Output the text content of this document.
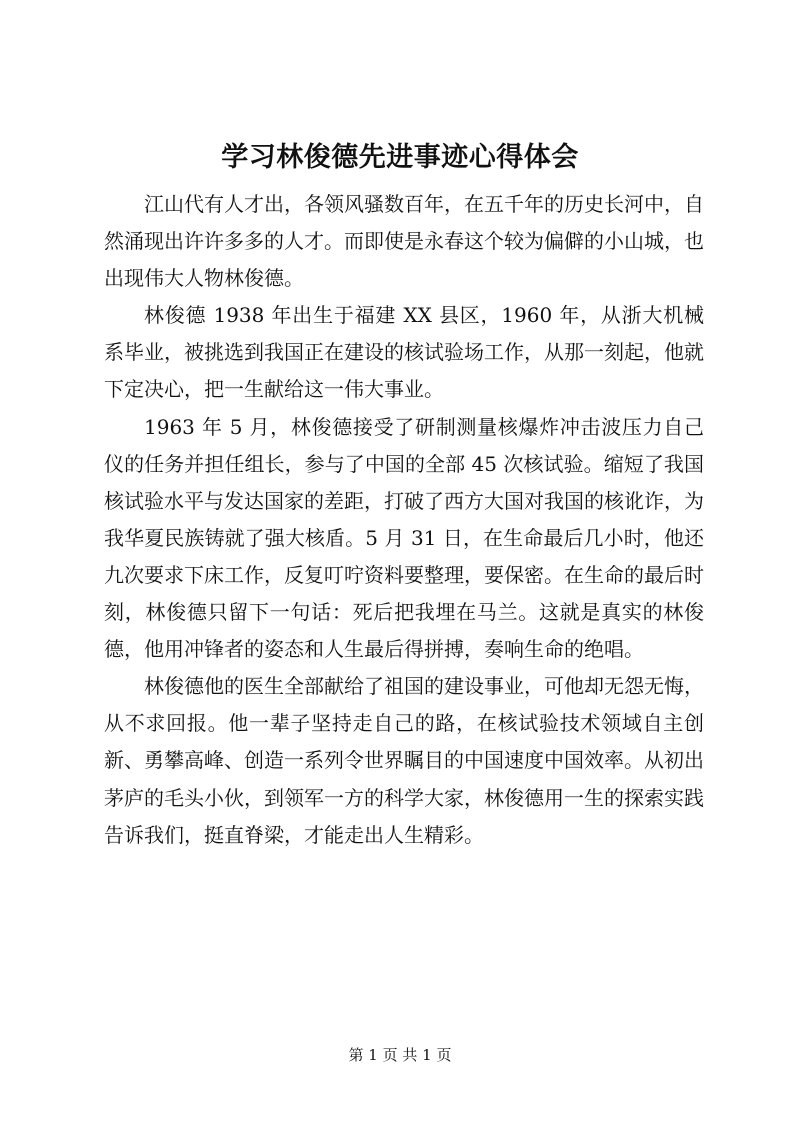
学习林俊德先进事迹心得体会

江山代有人才出，各领风骚数百年，在五千年的历史长河中，自然涌现出许许多多的人才。而即使是永春这个较为偏僻的小山城，也出现伟大人物林俊德。

林俊德 1938 年出生于福建 XX 县区，1960 年，从浙大机械系毕业，被挑选到我国正在建设的核试验场工作，从那一刻起，他就下定决心，把一生献给这一伟大事业。

1963 年 5 月，林俊德接受了研制测量核爆炸冲击波压力自己仪的任务并担任组长，参与了中国的全部 45 次核试验。缩短了我国核试验水平与发达国家的差距，打破了西方大国对我国的核讹诈，为我华夏民族铸就了强大核盾。5 月 31 日，在生命最后几小时，他还九次要求下床工作，反复叮咛资料要整理，要保密。在生命的最后时刻，林俊德只留下一句话：死后把我埋在马兰。这就是真实的林俊德，他用冲锋者的姿态和人生最后得拼搏，奏响生命的绝唱。

林俊德他的医生全部献给了祖国的建设事业，可他却无怨无悔，从不求回报。他一辈子坚持走自己的路，在核试验技术领域自主创新、勇攀高峰、创造一系列令世界瞩目的中国速度中国效率。从初出茅庐的毛头小伙，到领军一方的科学大家，林俊德用一生的探索实践告诉我们，挺直脊梁，才能走出人生精彩。

第 1 页 共 1 页
